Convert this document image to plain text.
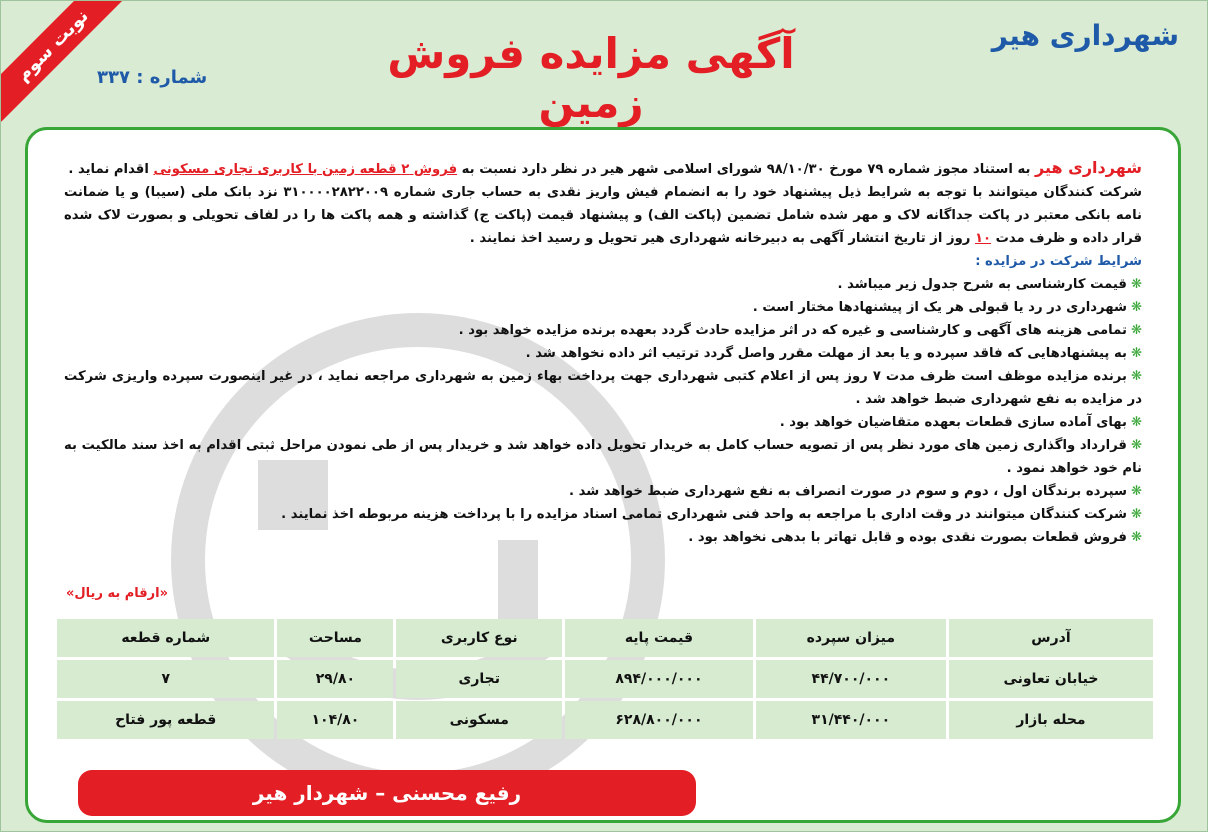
نوبت سوم	شهرداری هیر
آگهی مزایده فروش زمین
شماره : ۳۳۷

شهرداری هیر به استناد مجوز شماره ۷۹ مورخ ۹۸/۱۰/۳۰ شورای اسلامی شهر هیر در نظر دارد نسبت به فروش ۲ قطعه زمین با کاربری تجاری مسکونی اقدام نماید .

شرکت کنندگان میتوانند با توجه به شرایط ذیل پیشنهاد خود را به انضمام فیش واریز نقدی به حساب جاری شماره ۳۱۰۰۰۰۲۸۲۲۰۰۹ نزد بانک ملی (سیبا) و یا ضمانت نامه بانکی معتبر در پاکت جداگانه لاک و مهر شده شامل تضمین (پاکت الف) و پیشنهاد قیمت (پاکت ج) گذاشته و همه پاکت ها را در لفاف تحویلی و بصورت لاک شده قرار داده و ظرف مدت ۱۰ روز از تاریخ انتشار آگهی به دبیرخانه شهرداری هیر تحویل و رسید اخذ نمایند .

شرایط شرکت در مزایده :

❋قیمت کارشناسی به شرح جدول زیر میباشد .

❋شهرداری در رد یا قبولی هر یک از پیشنهادها مختار است .

❋تمامی هزینه های آگهی و کارشناسی و غیره که در اثر مزایده حادث گردد بعهده برنده مزایده خواهد بود .

❋به پیشنهادهایی که فاقد سپرده و یا بعد از مهلت مقرر واصل گردد ترتیب اثر داده نخواهد شد .

❋برنده مزایده موظف است ظرف مدت ۷ روز پس از اعلام کتبی شهرداری جهت پرداخت بهاء زمین به شهرداری مراجعه نماید ، در غیر اینصورت سپرده واریزی شرکت در مزایده به نفع شهرداری ضبط خواهد شد .

❋بهای آماده سازی قطعات بعهده متقاضیان خواهد بود .

❋قرارداد واگذاری زمین های مورد نظر پس از تصویه حساب کامل به خریدار تحویل داده خواهد شد و خریدار پس از طی نمودن مراحل ثبتی اقدام به اخذ سند مالکیت به نام خود خواهد نمود .

❋سپرده برندگان اول ، دوم و سوم در صورت انصراف به نفع شهرداری ضبط خواهد شد .

❋شرکت کنندگان میتوانند در وقت اداری با مراجعه به واحد فنی شهرداری تمامی اسناد مزایده را با پرداخت هزینه مربوطه اخذ نمایند .

❋فروش قطعات بصورت نقدی بوده و قابل تهاتر با بدهی نخواهد بود .

«ارقام به ریال»
آدرس	میزان سپرده	قیمت پایه	نوع کاربری	مساحت	شماره قطعه
خیابان تعاونی	۴۴/۷۰۰/۰۰۰	۸۹۴/۰۰۰/۰۰۰	تجاری	۲۹/۸۰	۷
محله بازار	۳۱/۴۴۰/۰۰۰	۶۲۸/۸۰۰/۰۰۰	مسکونی	۱۰۴/۸۰	قطعه پور فتاح
رفیع محسنی – شهردار هیر
